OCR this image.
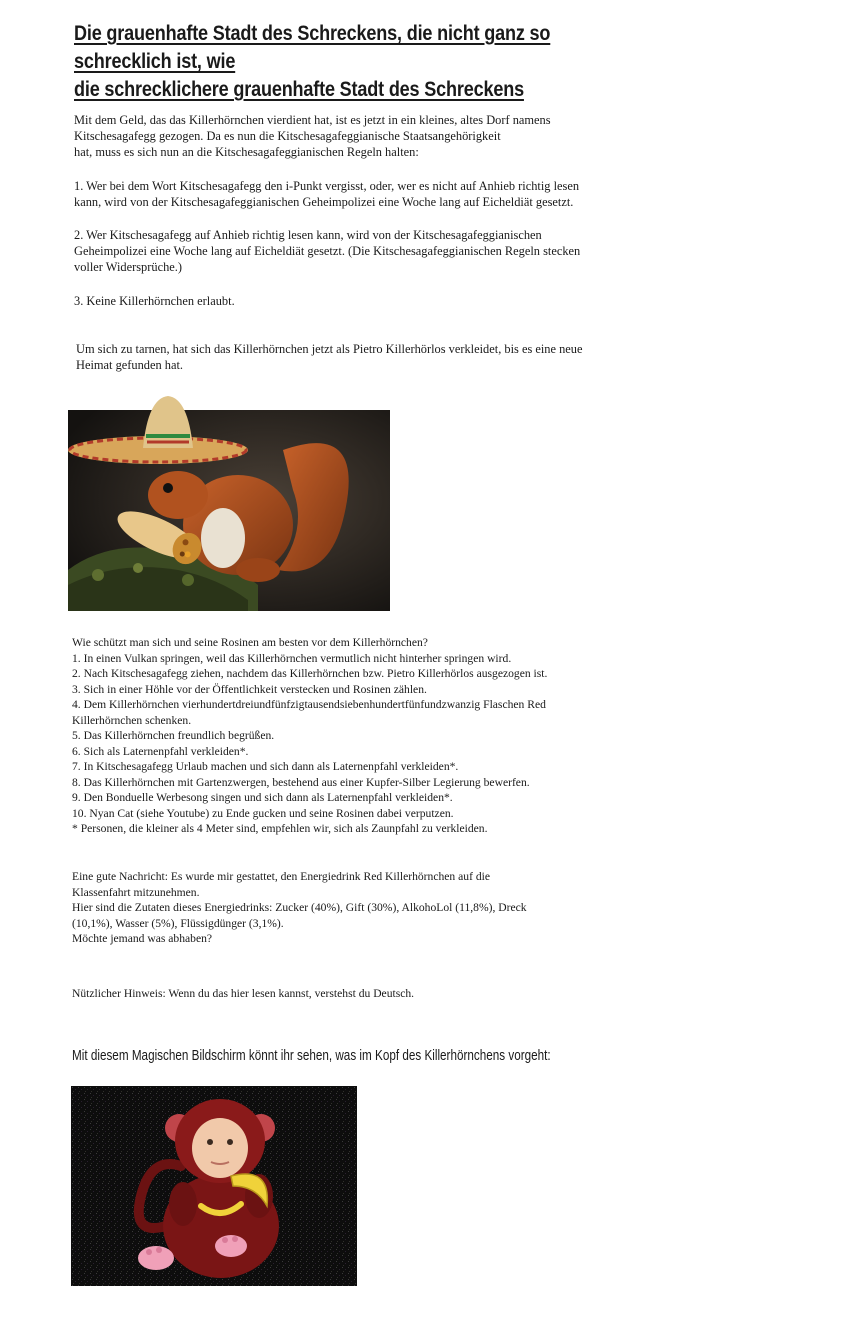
Die grauenhafte Stadt des Schreckens, die nicht ganz so schrecklich ist, wie
die schrecklichere grauenhafte Stadt des Schreckens
Mit dem Geld, das das Killerhörnchen vierdient hat, ist es jetzt in ein kleines, altes Dorf namens
Kitschesagafegg gezogen. Da es nun die Kitschesagafeggianische Staatsangehörigkeit
hat, muss es sich nun an die Kitschesagafeggianischen Regeln halten:
1. Wer bei dem Wort Kitschesagafegg den i-Punkt vergisst, oder, wer es nicht auf Anhieb richtig lesen
kann, wird von der Kitschesagafeggianischen Geheimpolizei eine Woche lang auf Eicheldiät gesetzt.
2. Wer Kitschesagafegg auf Anhieb richtig lesen kann, wird von der Kitschesagafeggianischen
Geheimpolizei eine Woche lang auf Eicheldiät gesetzt. (Die Kitschesagafeggianischen Regeln stecken
voller Widersprüche.)
3. Keine Killerhörnchen erlaubt.
Um sich zu tarnen, hat sich das Killerhörnchen jetzt als Pietro Killerhörlos verkleidet, bis es eine neue
Heimat gefunden hat.
Wie schützt man sich und seine Rosinen am besten vor dem Killerhörnchen?
1. In einen Vulkan springen, weil das Killerhörnchen vermutlich nicht hinterher springen wird.
2. Nach Kitschesagafegg ziehen, nachdem das Killerhörnchen bzw. Pietro Killerhörlos ausgezogen ist.
3. Sich in einer Höhle vor der Öffentlichkeit verstecken und Rosinen zählen.
4. Dem Killerhörnchen vierhundertdreiundfünfzigtausendsiebenhundertfünfundzwanzig Flaschen Red
Killerhörnchen schenken.
5. Das Killerhörnchen freundlich begrüßen.
6. Sich als Laternenpfahl verkleiden*.
7. In Kitschesagafegg Urlaub machen und sich dann als Laternenpfahl verkleiden*.
8. Das Killerhörnchen mit Gartenzwergen, bestehend aus einer Kupfer-Silber Legierung bewerfen.
9. Den Bonduelle Werbesong singen und sich dann als Laternenpfahl verkleiden*.
10. Nyan Cat (siehe Youtube) zu Ende gucken und seine Rosinen dabei verputzen.
* Personen, die kleiner als 4 Meter sind, empfehlen wir, sich als Zaunpfahl zu verkleiden.
Eine gute Nachricht: Es wurde mir gestattet, den Energiedrink Red Killerhörnchen auf die
Klassenfahrt mitzunehmen.
Hier sind die Zutaten dieses Energiedrinks: Zucker (40%), Gift (30%), AlkohoLol (11,8%), Dreck
(10,1%), Wasser (5%), Flüssigdünger (3,1%).
Möchte jemand was abhaben?
Nützlicher Hinweis: Wenn du das hier lesen kannst, verstehst du Deutsch.
Mit diesem Magischen Bildschirm könnt ihr sehen, was im Kopf des Killerhörnchens vorgeht:
